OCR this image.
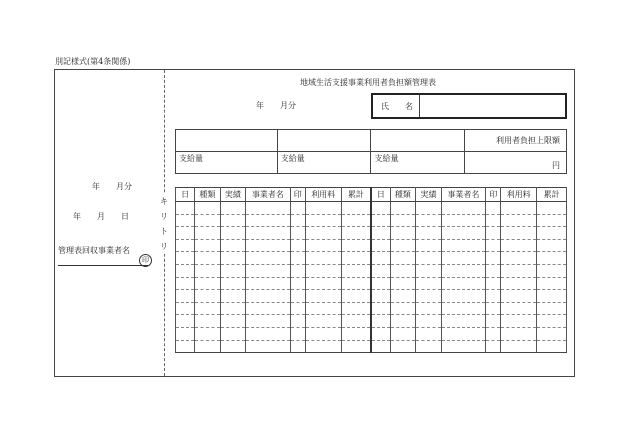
別記様式(第4条関係)
キ リ ト リ
年　　月分
年　　月　　日
管理表回収事業者名
印
地域生活支援事業利用者負担額管理表
年　　月分	氏　　名
			利用者負担上限額
支給量	支給量	支給量	円
日	種類	実績	事業者名	印	利用料	累計	日	種類	実績	事業者名	印	利用料	累計
